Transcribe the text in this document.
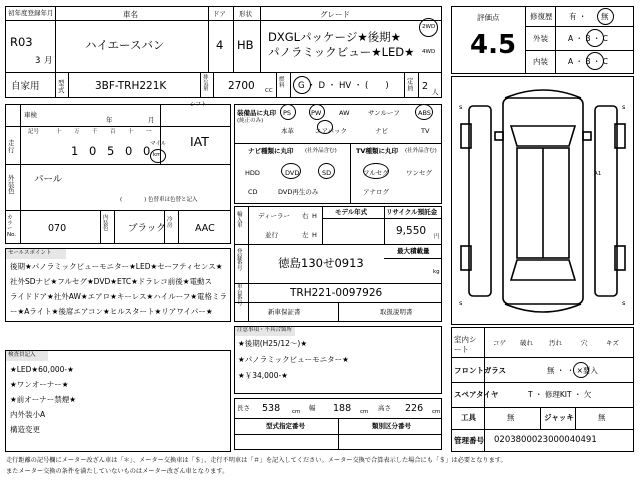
初年度登録年月
R03
3 月
車名
ハイエースバン
ドア
4
形状
HB
グレード
DXGLパッケージ★後期★
パノラミックビュー★LED★
2WD
4WD
自家用	型式	3BF-TRH221K
排気量 2700 CC
燃料 G ・ D ・ HV ・ (　　)	定員 2 人
評価点
4.5
修復歴 有 ・ 無
外装	A ・ B ・ C
内装	A ・ B ・ C
車検
年	月
シフト
IAT
走行
記号	十 万 千 百 十 一
1 0 5 0 0 マイル
km
外装色
パール
(　　　　) 色替車は色替と記入
カラーNo.
070
内装色	ブラック
冷房	AAC
装備品に丸印
(純正のみ)
PS	PW	AW	サンルーフ	ABS
本革	エアバック	ナビ	TV
ナビ種類に丸印 (社外品含む)
HDD	DVD	SD
CD	DVD再生のみ
TV種類に丸印 (社外品含む)
フルセグ	ワンセグ
アナログ
輸入車
ディーラー
並行
右 H
左 H
モデル年式	リサイクル預託金
9,550 円
最大積載量
kg
登録番号	徳島130せ0913
車台番号
TRH221-0097926
新車保証書	取扱説明書
セールスポイント
後期★パノラミックビューモニター★LED★セーフティセンス★
社外SDナビ★フルセグ★DVD★ETC★ドラレコ前後★電動ス
ライドドア★社外AW★エアロ★キーレス★ハイルーフ★電格ミラ
ー★Aライト★後席エアコン★ヒルスタート★リアワイパー★
検査員記入
★LED★60,000-★
★ワンオーナー★
★前オーナー禁煙★
内外装小A
構造変更
注意事項・不具合箇所
★後期(H25/12〜)★
★パノラミックビューモニター★
★￥34,000-★
長さ 538 cm 幅 188 cm 高さ 226 cm
型式指定番号	類別区分番号
s	s
s	s
A1
室内シート
コゲ 破れ 汚れ	穴	キズ
フロントガラス	無 ・ ・ ×要入
スペアタイヤ	T ・ 修理KIT ・ 欠
工具	無	ジャッキ	無
管理番号 0203800023000040491
走行距離の記号欄にメーター改ざん車は「＊」、メーター交換車は「＄」、走行不明車は「＃」を記入してください。メーター交換で合算表示した場合にも「＄」は必要となります。
またメーター交換の条件を満たしていないものはメーター改ざん車となります。
